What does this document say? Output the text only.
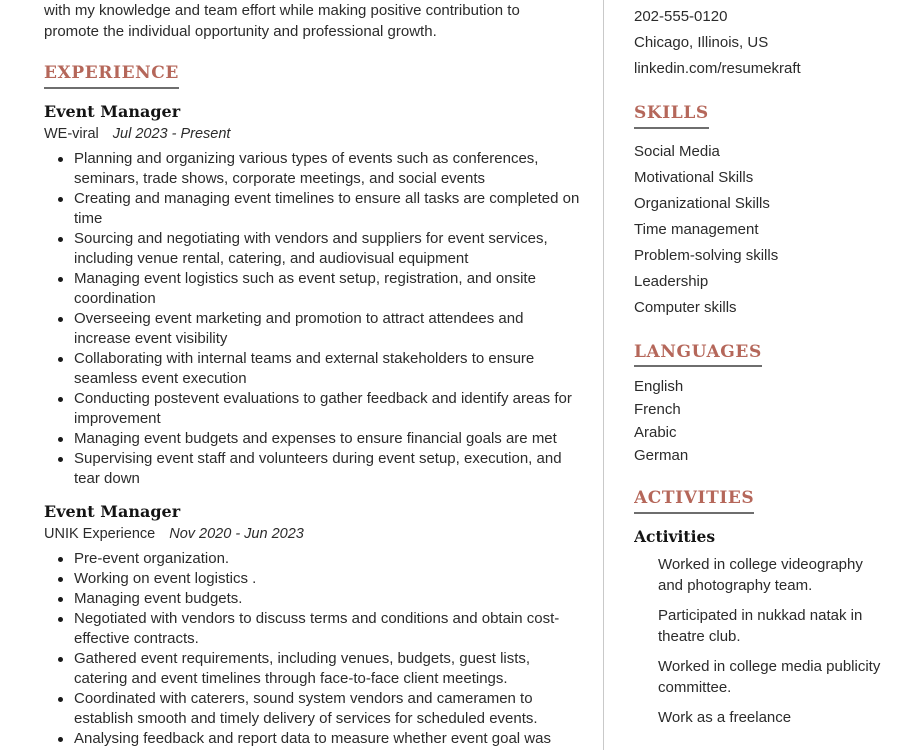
with my knowledge and team effort while making positive contribution to
promote the individual opportunity and professional growth.
EXPERIENCE
Event Manager
WE-viral Jul 2023 - Present
Planning and organizing various types of events such as conferences, seminars, trade shows, corporate meetings, and social events
Creating and managing event timelines to ensure all tasks are completed on time
Sourcing and negotiating with vendors and suppliers for event services, including venue rental, catering, and audiovisual equipment
Managing event logistics such as event setup, registration, and onsite coordination
Overseeing event marketing and promotion to attract attendees and increase event visibility
Collaborating with internal teams and external stakeholders to ensure seamless event execution
Conducting postevent evaluations to gather feedback and identify areas for improvement
Managing event budgets and expenses to ensure financial goals are met
Supervising event staff and volunteers during event setup, execution, and tear down
Event Manager
UNIK Experience Nov 2020 - Jun 2023
Pre-event organization.
Working on event logistics .
Managing event budgets.
Negotiated with vendors to discuss terms and conditions and obtain cost-effective contracts.
Gathered event requirements, including venues, budgets, guest lists, catering and event timelines through face-to-face client meetings.
Coordinated with caterers, sound system vendors and cameramen to establish smooth and timely delivery of services for scheduled events.
Analysing feedback and report data to measure whether event goal was
202-555-0120
Chicago, Illinois, US
linkedin.com/resumekraft
SKILLS
Social Media
Motivational Skills
Organizational Skills
Time management
Problem-solving skills
Leadership
Computer skills
LANGUAGES
English
French
Arabic
German
ACTIVITIES
Activities
Worked in college videography and photography team.
Participated in nukkad natak in theatre club.
Worked in college media publicity committee.
Work as a freelance
